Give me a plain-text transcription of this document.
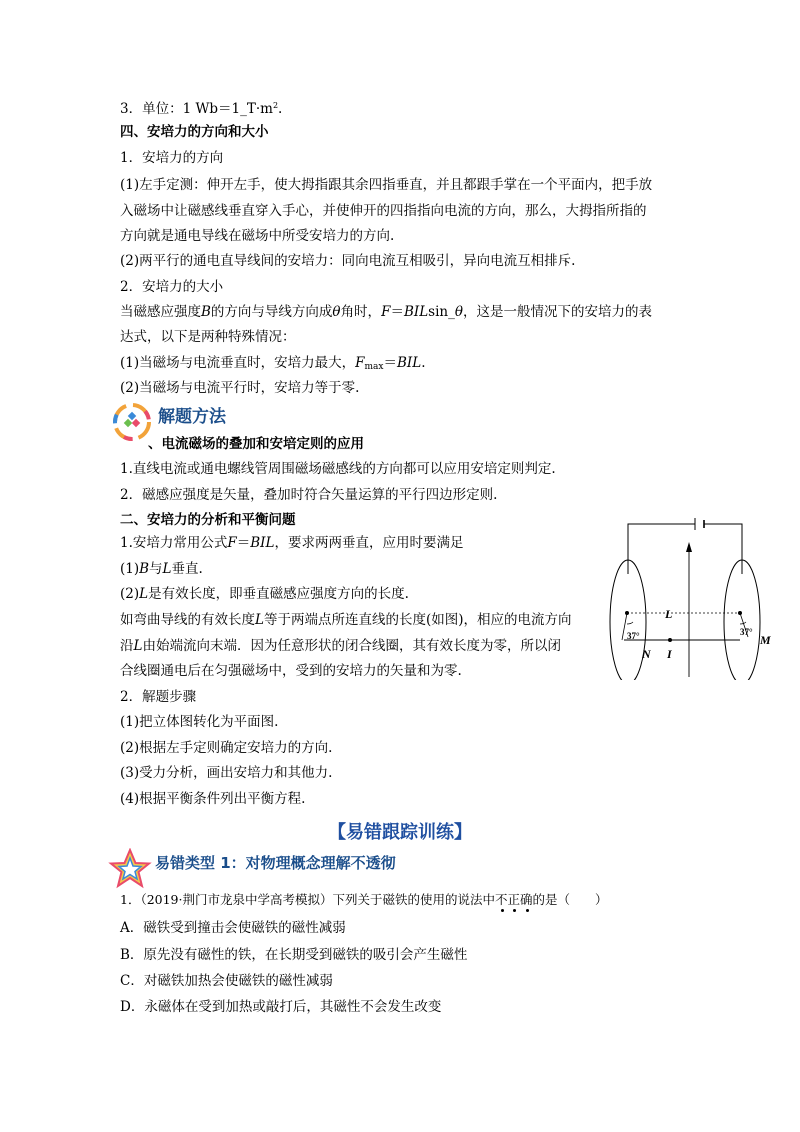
3．单位：1 $Wb=1\_T\cdot m^2$.
四、安培力的方向和大小
1．安培力的方向
(1)左手定测：伸开左手，使大拇指跟其余四指垂直，并且都跟手掌在一个平面内，把手放
入磁场中让磁感线垂直穿入手心，并使伸开的四指指向电流的方向，那么，大拇指所指的
方向就是通电导线在磁场中所受安培力的方向.
(2)两平行的通电直导线间的安培力：同向电流互相吸引，异向电流互相排斥.
2．安培力的大小
当磁感应强度B的方向与导线方向成θ角时，F＝BILsin_θ，这是一般情况下的安培力的表
达式，以下是两种特殊情况：
(1)当磁场与电流垂直时，安培力最大，$F_{max}=BIL$.
(2)当磁场与电流平行时，安培力等于零.
解题方法
、电流磁场的叠加和安培定则的应用
1.直线电流或通电螺线管周围磁场磁感线的方向都可以应用安培定则判定.
2．磁感应强度是矢量，叠加时符合矢量运算的平行四边形定则.
二、安培力的分析和平衡问题
1.安培力常用公式F＝BIL，要求两两垂直，应用时要满足
(1)B与L垂直.
(2)L是有效长度，即垂直磁感应强度方向的长度.
如弯曲导线的有效长度L等于两端点所连直线的长度(如图)，相应的电流方向
沿L由始端流向末端．因为任意形状的闭合线圈，其有效长度为零，所以闭
合线圈通电后在匀强磁场中，受到的安培力的矢量和为零.
2．解题步骤
(1)把立体图转化为平面图.
(2)根据左手定则确定安培力的方向.
(3)受力分析，画出安培力和其他力.
(4)根据平衡条件列出平衡方程.
L
N I
M
37°	37°
【易错跟踪训练】
易错类型 1：对物理概念理解不透彻
1．（2019·荆门市龙泉中学高考模拟）下列关于磁铁的使用的说法中不正确的是（　　）
A．磁铁受到撞击会使磁铁的磁性减弱
B．原先没有磁性的铁，在长期受到磁铁的吸引会产生磁性
C．对磁铁加热会使磁铁的磁性减弱
D．永磁体在受到加热或敲打后，其磁性不会发生改变
